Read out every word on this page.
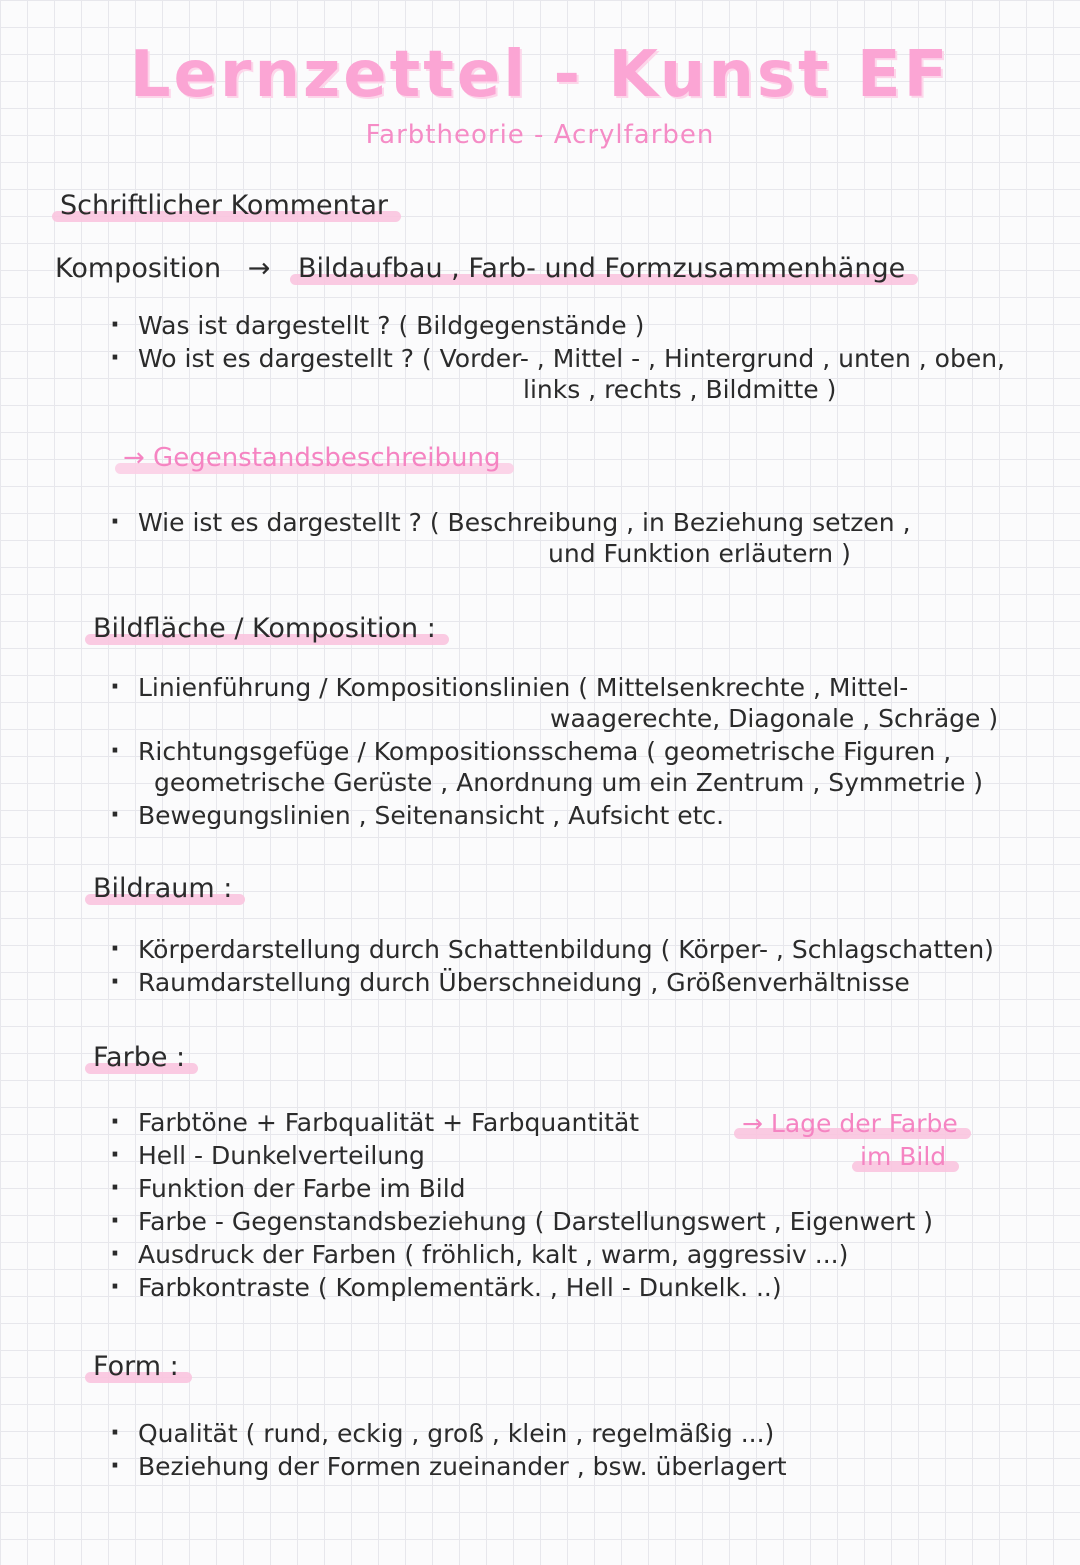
Lernzettel - Kunst EF
Farbtheorie - Acrylfarben
Schriftlicher Kommentar
Komposition → Bildaufbau , Farb- und Formzusammenhänge
·
Was ist dargestellt ? ( Bildgegenstände )
·
Wo ist es dargestellt ? ( Vorder- , Mittel - , Hintergrund , unten , oben,
links , rechts , Bildmitte )
→ Gegenstandsbeschreibung
·
Wie ist es dargestellt ? ( Beschreibung , in Beziehung setzen ,
und Funktion erläutern )
Bildfläche / Komposition :
·
Linienführung / Kompositionslinien ( Mittelsenkrechte , Mittel-
waagerechte, Diagonale , Schräge )
·
Richtungsgefüge / Kompositionsschema ( geometrische Figuren ,
geometrische Gerüste , Anordnung um ein Zentrum , Symmetrie )
·
Bewegungslinien , Seitenansicht , Aufsicht etc.
Bildraum :
·
Körperdarstellung durch Schattenbildung ( Körper- , Schlagschatten)
·
Raumdarstellung durch Überschneidung , Größenverhältnisse
Farbe :
→ Lage der Farbe
im Bild
·
Farbtöne + Farbqualität + Farbquantität
·
Hell - Dunkelverteilung
·
Funktion der Farbe im Bild
·
Farbe - Gegenstandsbeziehung ( Darstellungswert , Eigenwert )
·
Ausdruck der Farben ( fröhlich, kalt , warm, aggressiv ...)
·
Farbkontraste ( Komplementärk. , Hell - Dunkelk. ..)
Form :
·
Qualität ( rund, eckig , groß , klein , regelmäßig ...)
·
Beziehung der Formen zueinander , bsw. überlagert
